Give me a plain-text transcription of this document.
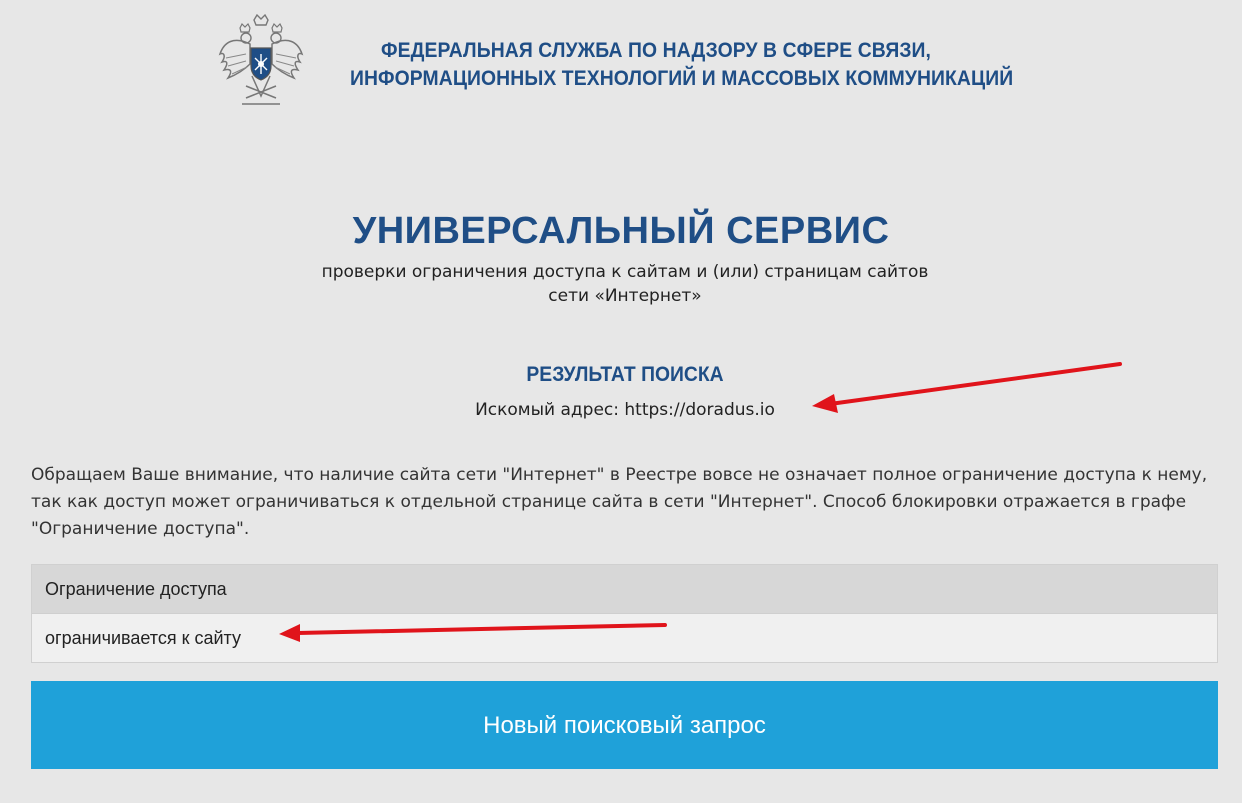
ФЕДЕРАЛЬНАЯ СЛУЖБА ПО НАДЗОРУ В СФЕРЕ СВЯЗИ,
ИНФОРМАЦИОННЫХ ТЕХНОЛОГИЙ И МАССОВЫХ КОММУНИКАЦИЙ
УНИВЕРСАЛЬНЫЙ СЕРВИС
проверки ограничения доступа к сайтам и (или) страницам сайтов
сети «Интернет»
РЕЗУЛЬТАТ ПОИСКА
Искомый адрес: https://doradus.io
Обращаем Ваше внимание, что наличие сайта сети "Интернет" в Реестре вовсе не означает полное ограничение доступа к нему, так как доступ может ограничиваться к отдельной странице сайта в сети "Интернет". Способ блокировки отражается в графе "Ограничение доступа".
Ограничение доступа
ограничивается к сайту
Новый поисковый запрос
